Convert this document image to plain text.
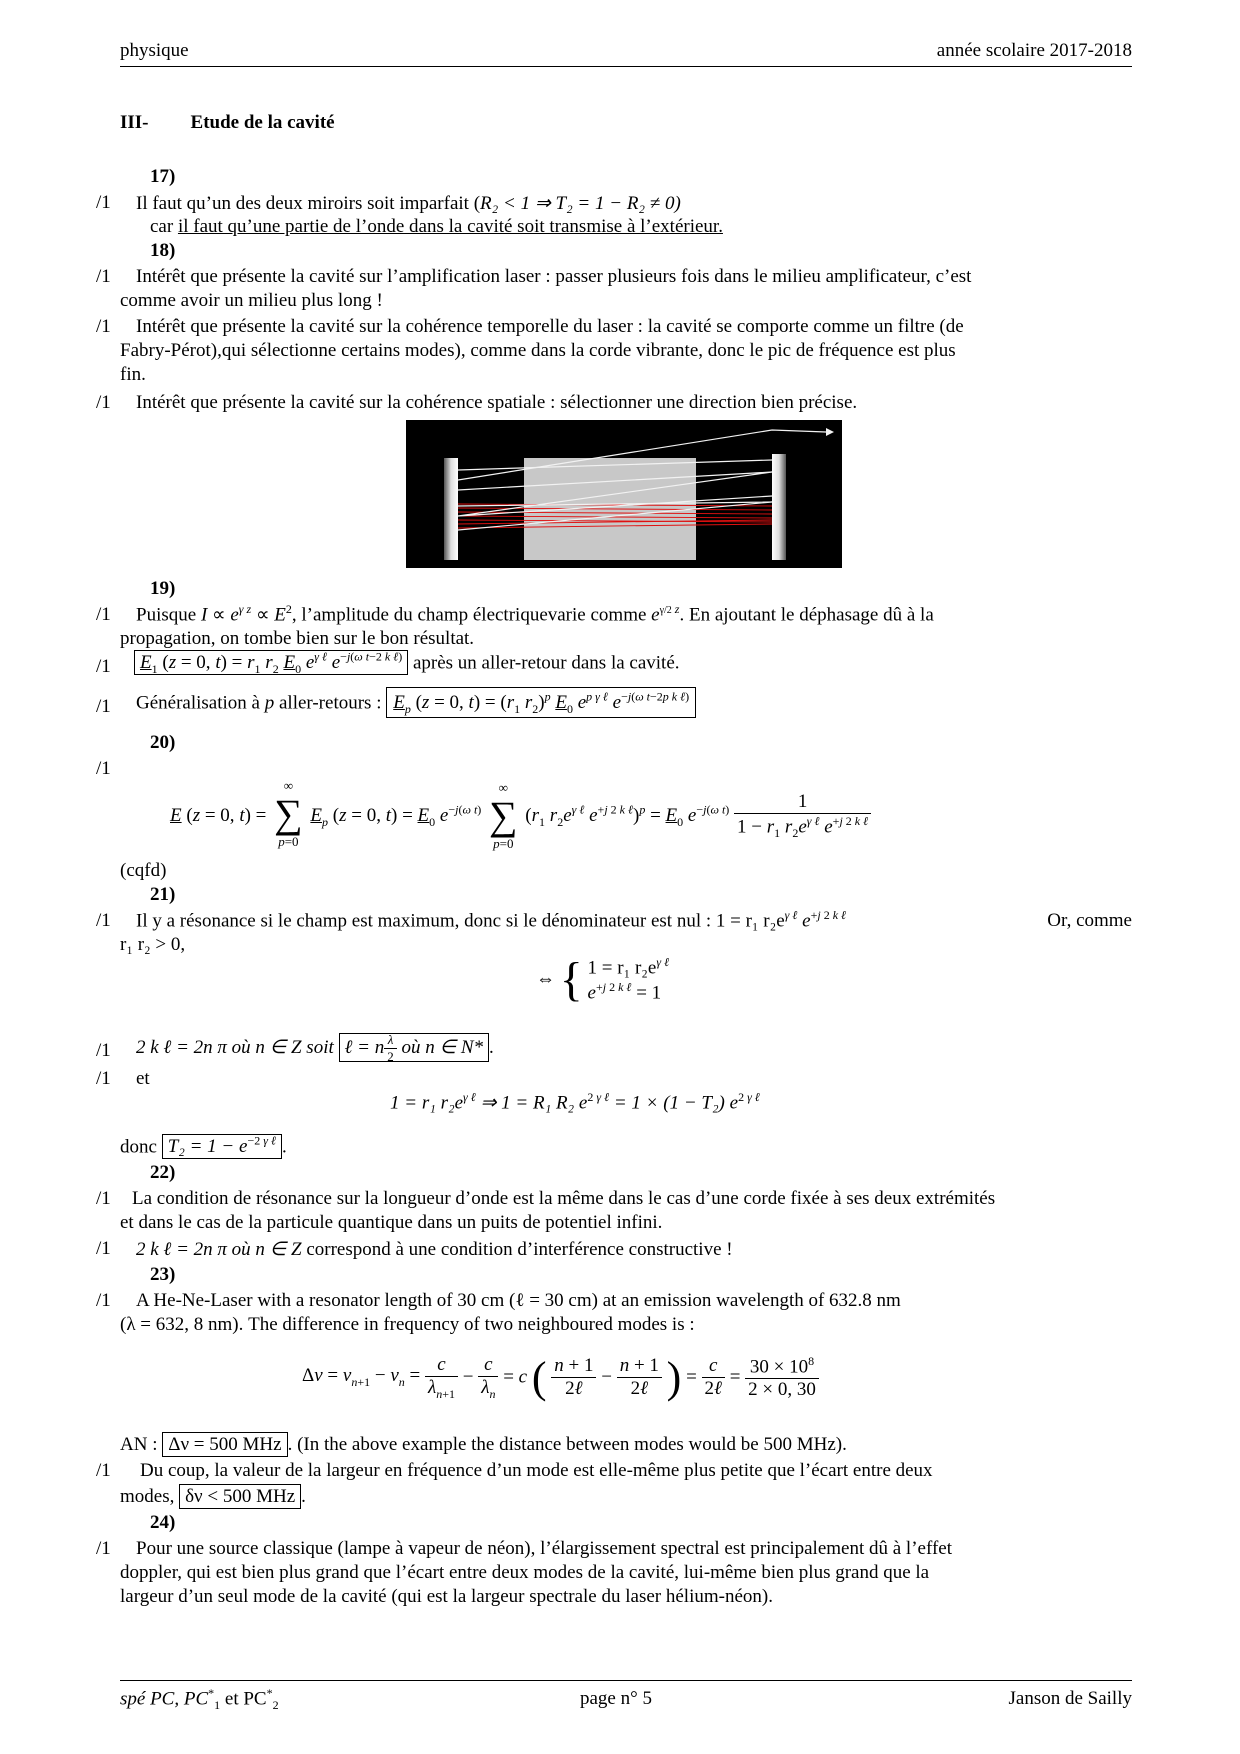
physique	année scolaire 2017-2018
III- Etude de la cavité
17)
/1 Il faut qu’un des deux miroirs soit imparfait (R₂ < 1 ⇒ T₂ = 1 − R₂ ≠ 0)
car il faut qu’une partie de l’onde dans la cavité soit transmise à l’extérieur.
18)
/1 Intérêt que présente la cavité sur l’amplification laser : passer plusieurs fois dans le milieu amplificateur, c’est
comme avoir un milieu plus long !
/1 Intérêt que présente la cavité sur la cohérence temporelle du laser : la cavité se comporte comme un filtre (de
Fabry-Pérot),qui sélectionne certains modes), comme dans la corde vibrante, donc le pic de fréquence est plus
fin.
/1 Intérêt que présente la cavité sur la cohérence spatiale : sélectionner une direction bien précise.
19)
/1 Puisque $I \propto e^{\gamma z} \propto E^2$, l’amplitude du champ électriquevarie comme $e^{\gamma/2 z}$. En ajoutant le déphasage dû à la
propagation, on tombe bien sur le bon résultat.
/1	$E_1$ (z = 0, $t) = r_1$ $r_2$ $E_0$ $e^{\gamma \ell}$ $e^{-j(\omega t-2 k \ell)}$ après un aller-retour dans la cavité.
/1 Généralisation à p aller-retours : $E_p$ (z = 0, $t) = (r_1$ $r_2)^p$ $E_0$ $e^{p \gamma \ell}$ $e^{-j(\omega t-2p k \ell)}$
20)
/1
E (z = 0, t) =
∞
∑
p=0
$E_p$ (z = 0, $t) = E_0$ $e^{-j(\omega t)}$
∞
∑
p=0
($r_1$ $r_2e^{\gamma \ell}$ $e^{+j 2 k \ell})^p = E_0$ $e^{-j(\omega t)} \frac{1}{1 - r_1 r_2e^{\gamma \ell} e^{+j 2 k \ell}}$
(cqfd)
21)
/1 Il y a résonance si le champ est maximum, donc si le dénominateur est nul : 1 = r₁ $r_2e^{\gamma \ell}$ $e^{+j 2 k \ell}$	Or, comme
r₁ r₂ > 0,
⇔ { 1 = r₁ $r_2e^{\gamma \ell}$
$e^{+j 2 k \ell} = 1$
/1 2 k ℓ = 2n π où n ∈ Z soit ℓ = n $\frac{\lambda}{2}$ où n ∈ N* .
/1 et
1 = r₁ $r_2e^{\gamma \ell}$ ⇒ 1 = R₁ R₂ $e^{2 \gamma \ell} = 1 \times (1 - T_2)$ $e^{2 \gamma \ell}$
donc $T_2 = 1 - e^{-2 \gamma \ell}$ .
22)
/1 La condition de résonance sur la longueur d’onde est la même dans le cas d’une corde fixée à ses deux extrémités
et dans le cas de la particule quantique dans un puits de potentiel infini.
/1 2 k ℓ = 2n π où n ∈ Z correspond à une condition d’interférence constructive !
23)
/1 A He-Ne-Laser with a resonator length of 30 cm (ℓ = 30 cm) at an emission wavelength of 632.8 nm
(λ = 632, 8 nm). The difference in frequency of two neighboured modes is :
$\Delta\nu = \nu_{n+1} - \nu_n = \frac{c}{\lambda_{n+1}} - \frac{c}{\lambda_n} = c$ ( $\frac{n + 1}{\text{2ℓ}} - \frac{n + 1}{\text{2ℓ}}$ ) = $\frac{c}{\text{2ℓ}} = \frac{30 \times 10^8}{2 \times 0, 30}$
AN : Δν = 500 MHz . (In the above example the distance between modes would be 500 MHz).
/1 Du coup, la valeur de la largeur en fréquence d’un mode est elle-même plus petite que l’écart entre deux
modes, δν < 500 MHz .
24)
/1 Pour une source classique (lampe à vapeur de néon), l’élargissement spectral est principalement dû à l’effet
doppler, qui est bien plus grand que l’écart entre deux modes de la cavité, lui-même bien plus grand que la
largeur d’un seul mode de la cavité (qui est la largeur spectrale du laser hélium-néon).
spé PC, $PC^*_1$ et $PC^*_2$	page n° 5	Janson de Sailly
